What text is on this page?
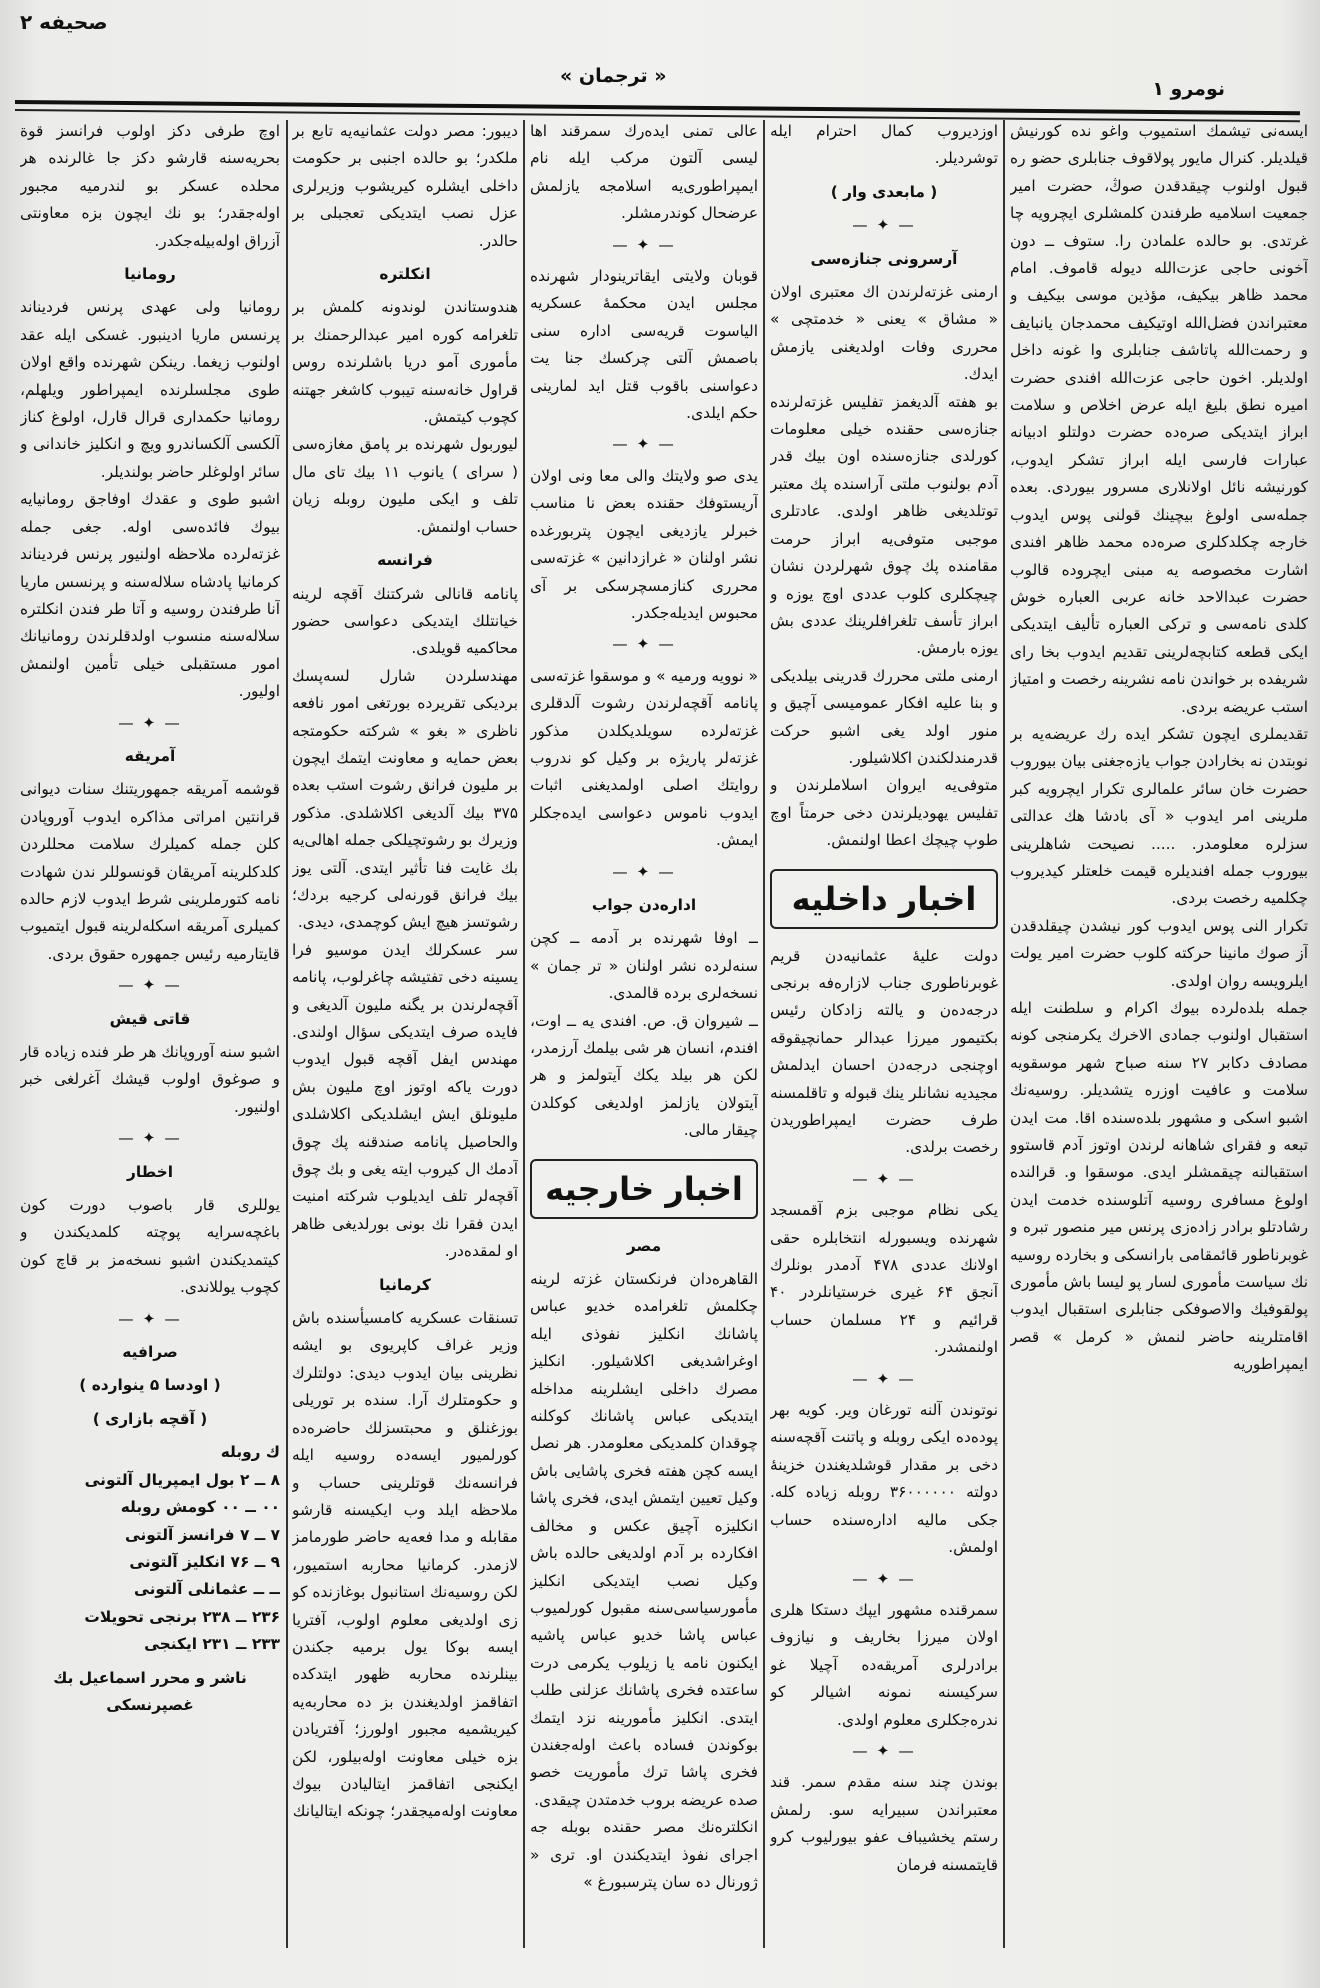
صحیفه ۲
« ترجمان »
نومرو ۱

ایسه‌نی تیشمك استمیوب واغو نده كورنیش قیلدیلر. كنرال مایور پولاقوف جنابلری حضو ره قبول اولنوب چیقدقدن صوڭ، حضرت امیر جمعیت اسلامیه طرفندن كلمشلری ایچرویه چا غرتدی. بو حالده علمادن را. ستوف ــ دون آخونی حاجی عزت‌الله دیوله قاموف. امام محمد ظاهر بیكیف، مؤذین موسی بیكیف و معتبراندن فضل‌الله اوتیكیف محمدجان یانبایف و رحمت‌الله پاتاشف جنابلری وا غونه داخل اولدیلر. اخون حاجی عزت‌الله افندی حضرت امیره نطق بلیغ ایله عرض اخلاص و سلامت ابراز ایتدیكی صره‌ده حضرت دولتلو ادبیانه عبارات فارسی ایله ابراز تشكر ایدوب، كورنیشه نائل اولانلاری مسرور بیوردی. بعده جمله‌سی اولوغ بیچینك قولنی پوس ایدوب خارجه چكلدكلری صره‌ده محمد ظاهر افندی اشارت مخصوصه یه مبنی ایچروده قالوب حضرت عبدالاحد خانه عربی العباره خوش كلدی نامه‌سی و تركی العباره تألیف ایتدیكی ایكی قطعه كتابچه‌لرینی تقدیم ایدوب بخا رای شریفده بر خواندن نامه نشرینه رخصت و امتیاز استب عریضه بردی.

تقدیملری ایچون تشكر ایده رك عریضه‌یه بر نوبتدن نه بخارادن جواب یازه‌جغنی بیان بیوروب حضرت خان سائر علمالری تكرار ایچرویه كبر ملرینی امر ایدوب « آی بادشا هك عدالتی سزلره معلومدر. ..... نصیحت شاهلرینی بیوروب جمله افندیلره قیمت خلعتلر كیدیروب چكلمیه رخصت بردی.

تكرار النی پوس ایدوب كور نیشدن چیقلدقدن آز صوك مانینا حركته كلوب حضرت امیر یولت ایلرویسه روان اولدی.

جمله بلده‌لرده بیوك اكرام و سلطنت ایله استقبال اولنوب جمادی الاخرك یكرمنجی كونه مصادف دكابر ۲۷ سنه صباح شهر موسقویه سلامت و عافیت اوزره یتشدیلر. روسیه‌نك اشبو اسكی و مشهور بلده‌سنده اقا. مت ایدن تبعه و فقرای شاهانه لرندن اوتوز آدم قاستوو استقبالنه چیقمشلر ایدی. موسقوا و. قرالنده اولوغ مسافری روسیه آتلوسنده خدمت ایدن رشادتلو برادر زاده‌زی پرنس میر منصور تبره و غوبرناطور قائمقامی بارانسكی و بخارده روسیه نك سیاست مأموری لسار پو لیسا باش مأموری پولقوفیك والاصوفكی جنابلری استقبال ایدوب اقامتلرینه حاضر لنمش « كرمل » قصر ایمپراطوریه

اوزدیروب كمال احترام ایله توشردیلر.

( مابعدی وار )
— ✦ —
آرسرونی جنازه‌سی

ارمنی غزته‌لرندن اك معتبری اولان « مشاق » یعنی « خدمتچی » محرری وفات اولدیغنی یازمش ایدك.

بو هفته آلدیغمز تفلیس غزته‌لرنده جنازه‌سی حقنده خیلی معلومات كورلدی جنازه‌سنده اون بیك قدر آدم بولنوب ملتی آراسنده پك معتبر توتلدیغی ظاهر اولدی. عادتلری موجبی متوفی‌یه ابراز حرمت مقامنده پك چوق شهرلردن نشان چیچكلری كلوب عددی اوچ یوزه و ابراز تأسف تلغرافلرینك عددی بش یوزه بارمش.

ارمنی ملتی محررك قدرینی بیلدیكی و بنا علیه افكار عمومیسی آچیق و منور اولد یغی اشبو حركت قدرمندلكندن اكلاشیلور.

متوفی‌یه ایروان اسلاملرندن و تفلیس یهودیلرندن دخی حرمتاً اوچ طوپ چیچك اعطا اولنمش.

اخبار داخلیه

دولت علیهٔ عثمانیه‌دن قریم غوبرناطوری جناب لازاره‌فه برنجی درجه‌ده‌ن و یالته زادكان رئیس بكتیمور میرزا عبدالر حمانچیقوقه اوچنجی درجه‌دن احسان ایدلمش مجیدیه نشانلر ینك قبوله و تاقلمسنه طرف حضرت ایمپراطوریدن رخصت برلدی.

— ✦ —

یكی نظام موجبی بزم آقمسجد شهرنده ویسبورله انتخابلره حقی اولانك عددی ۴۷۸ آدمدر بونلرك آنجق ۶۴ غیری خرستیانلردر ۴۰ قرائیم و ۲۴ مسلمان حساب اولنمشدر.

— ✦ —

نوتوندن آلنه تورغان ویر. كویه بهر پوده‌ده ایكی روبله و پاتنت آقچه‌سنه دخی بر مقدار قوشلدیغندن خزینهٔ دولته ۳۶۰۰۰۰۰۰ روبله زیاده كله. جكی مالیه اداره‌سنده حساب اولمش.

— ✦ —

سمرقنده مشهور ایپك دستكا هلری اولان میرزا بخاریف و نیازوف برادرلری آمریقه‌ده آچیلا غو سركیسنه نمونه اشیالر كو ندره‌جكلری معلوم اولدی.

— ✦ —

بوندن چند سنه مقدم سمر. قند معتبراندن سبیرایه سو. رلمش رستم یخشیباف عفو بیورلیوب كرو قایتمسنه فرمان

عالی تمنی ایده‌رك سمرقند اها لیسی آلتون مركب ایله نام ایمپراطوری‌یه اسلامجه یازلمش عرضحال كوندرمشلر.

— ✦ —

قوبان ولایتی ایقاترینودار شهرنده مجلس ایدن محكمهٔ عسكریه الیاسوت قریه‌سی اداره سنی باصمش آلتی چركسك جنا یت دعواسنی باقوب قتل اید لمارینی حكم ایلدی.

— ✦ —

یدی صو ولایتك والی معا ونی اولان آریستوفك حقنده بعض نا مناسب خبرلر یازدیغی ایچون پتربورغده نشر اولنان « غرازدانین » غزته‌سی محرری كنازمسچرسكی بر آی محبوس ایدیله‌جكدر.

— ✦ —

« نوویه ورمیه » و موسقوا غزته‌سی پانامه آقچه‌لرندن رشوت آلدقلری غزته‌لرده سویلدیكلدن مذكور غزته‌لر پاریژه بر وكیل كو ندروب روایتك اصلی اولمدیغنی اثبات ایدوب ناموس دعواسی ایده‌جكلر ایمش.

— ✦ —
اداره‌دن جواب

ــ اوفا شهرنده بر آدمه ــ كچن سنه‌لرده نشر اولنان « تر جمان » نسخه‌لری برده قالمدی.

ــ شیروان ق. ص. افندی یه ــ اوت، افندم، انسان هر شی بیلمك آرزمدر، لكن هر بیلد یكك آیتولمز و هر آیتولان یازلمز اولدیغی كوكلدن چیقار مالی.

اخبار خارجیه
مصر

القاهره‌دان فرنكستان غزته لرینه چكلمش تلغرامده خدیو عباس پاشانك انكلیز نفوذی ایله اوغراشدیغی اكلاشیلور. انكلیز مصرك داخلی ایشلرینه مداخله ایتدیكی عباس پاشانك كوكلنه چوقدان كلمدیكی معلومدر. هر نصل ایسه كچن هفته فخری پاشایی باش وكیل تعیین ایتمش ایدی، فخری پاشا انكلیزه آچیق عكس و مخالف افكارده بر آدم اولدیغی حالده باش وكیل نصب ایتدیكی انكلیز مأمورسیاسی‌سنه مقبول كورلمیوب عباس پاشا خدیو عباس پاشیه ایكنون نامه یا زیلوب یكرمی درت ساعتده فخری پاشانك عزلنی طلب ایتدی. انكلیز مأمورینه نزد ایتمك بوكوندن فساده باعث اوله‌جغندن فخری پاشا ترك مأموریت خصو صده عریضه بروب خدمتدن چیقدی.

انكلتره‌نك مصر حقنده بوبله جه اجرای نفوذ ایتدیكندن او. تری « ژورنال ده سان پترسبورغ »

دیبور: مصر دولت عثمانیه‌یه تابع بر ملكدر؛ بو حالده اجنبی بر حكومت داخلی ایشلره كیریشوب وزیرلری عزل نصب ایتدیكی تعجبلی بر حالدر.

انكلتره

هندوستاندن لوندونه كلمش بر تلغرامه كوره امیر عبدالرحمنك بر مأموری آمو دریا باشلرنده روس قراول خانه‌سنه تیبوب كاشغر جهتنه كچوب كیتمش.

لیوربول شهرنده بر پامق مغازه‌سی ( سرای ) یانوب ۱۱ بیك تای مال تلف و ایكی ملیون روبله زیان حساب اولنمش.

فرانسه

پانامه قانالی شركتنك آقچه لرینه خیانتلك ایتدیكی دعواسی حضور محاكمیه قویلدی.

مهندسلردن شارل لسه‌پسك بردیكی تقریرده بورتغی امور نافعه ناظری « بغو » شركته حكومتجه بعض حمایه و معاونت ایتمك ایچون بر ملیون فرانق رشوت استب بعده ۳۷۵ بیك آلدیغی اكلاشلدی. مذكور وزیرك بو رشوتچیلكی جمله اهالی‌یه بك غایت فنا تأثیر ایتدی. آلتی یوز بیك فرانق قورنه‌لی كرجیه بردك؛ رشوتسز هیچ ایش كوچمدی، دیدی.

سر عسكرلك ایدن موسیو فرا یسینه دخی تفتیشه چاغرلوب، پانامه آقچه‌لرندن بر یگنه ملیون آلدیغی و فایده صرف ایتدیكی سؤال اولندی. مهندس ایفل آقچه قبول ایدوب دورت یاكه اوتوز اوچ ملیون بش ملیونلق ایش ایشلدیكی اكلاشلدی والحاصیل پانامه صندقنه پك چوق آدمك ال كیروب ایته یغی و بك چوق آقچه‌لر تلف ایدیلوب شركته امنیت ایدن فقرا نك بونی بورلدیغی ظاهر او لمقده‌در.

كرمانیا

تسنقات عسكریه كامسیأسنده باش وزیر غراف كاپریوی بو ایشه نظرینی بیان ایدوب دیدی: دولتلرك و حكومتلرك آرا. سنده بر توریلی بوزغنلق و محبتسزلك حاضره‌ده كورلمیور ایسه‌ده روسیه ایله فرانسه‌نك قوتلرینی حساب و ملاحظه ایلد وب ایكیسنه قارشو مقابله و مدا فعه‌یه حاضر طورمامز لازمدر. كرمانیا محاربه استمیور، لكن روسیه‌نك استانبول بوغازنده كو زی اولدیغی معلوم اولوب، آفتریا ایسه بوكا یول برمیه جكندن بینلرنده محاربه ظهور ایتدكده اتفاقمز اولدیغندن بز ده محاربه‌یه كیریشمیه مجبور اولورز؛ آفتریادن بزه خیلی معاونت اوله‌بیلور، لكن ایكنجی اتفاقمز ایتالیادن بیوك معاونت اوله‌میجقدر؛ چونكه ایتالیانك

اوچ طرفی دكز اولوب فرانسز قوة بحریه‌سنه قارشو دكز جا غالرنده هر محلده عسكر بو لندرمیه مجبور اوله‌جقدر؛ بو نك ایچون بزه معاونتی آزراق اوله‌بیله‌جكدر.

رومانیا

رومانیا ولی عهدی پرنس فردیناند پرنسس ماریا ادینبور. غسكی ایله عقد اولنوب زیغما. رینكن شهرنده واقع اولان طوی مجلسلرنده ایمپراطور ویلهلم، رومانیا حكمداری قرال قارل، اولوغ كناز آلكسی آلكساندرو ویچ و انكلیز خاندانی و سائر اولوغلر حاضر بولندیلر.

اشبو طوی و عقدك اوفاجق رومانیایه بیوك فائده‌سی اوله. جغی جمله غزته‌لرده ملاحظه اولنیور پرنس فردیناند كرمانیا پادشاه سلاله‌سنه و پرنسس ماریا آنا طرفندن روسیه و آتا طر فندن انكلتره سلاله‌سنه منسوب اولدقلرندن رومانیانك امور مستقبلی خیلی تأمین اولنمش اولیور.

— ✦ —
آمریقه

قوشمه آمریقه جمهوریتنك سنات دیوانی قرانتین امراتی مذاكره ایدوب آوروپادن كلن جمله كمیلرك سلامت محللردن كلدكلرینه آمریقان قونسوللر ندن شهادت نامه كتورملرینی شرط ایدوب لازم حالده كمیلری آمریقه اسكله‌لرینه قبول ایتمیوب قایتارمیه رئیس جمهوره حقوق بردی.

— ✦ —
قاتی قیش

اشبو سنه آوروپانك هر طر فنده زیاده قار و صوغوق اولوب قیشك آغرلغی خبر اولنیور.

— ✦ —
اخطار

یوللری قار باصوب دورت كون باغچه‌سرایه پوچته كلمدیكندن و كیتمدیكندن اشبو نسخه‌مز بر قاچ كون كچوب یوللاندی.

— ✦ —
صرافیه
( اودسا ۵ ینوارده )
( آقچه بازاری )
ك روبله
۸ ــ ۲ بول ایمپریال آلتونی
۰۰ ــ ۰۰ كومش روبله
۷ ــ ۷ فرانسز آلتونی
۹ ــ ۷۶ انكلیز آلتونی
ــ ــ عثمانلی آلتونی
۲۳۶ ــ ۲۳۸ برنجی تحویلات
۲۳۳ ــ ۲۳۱ ایكنجی
ناشر و محرر اسماعیل بك غصپرنسكی
